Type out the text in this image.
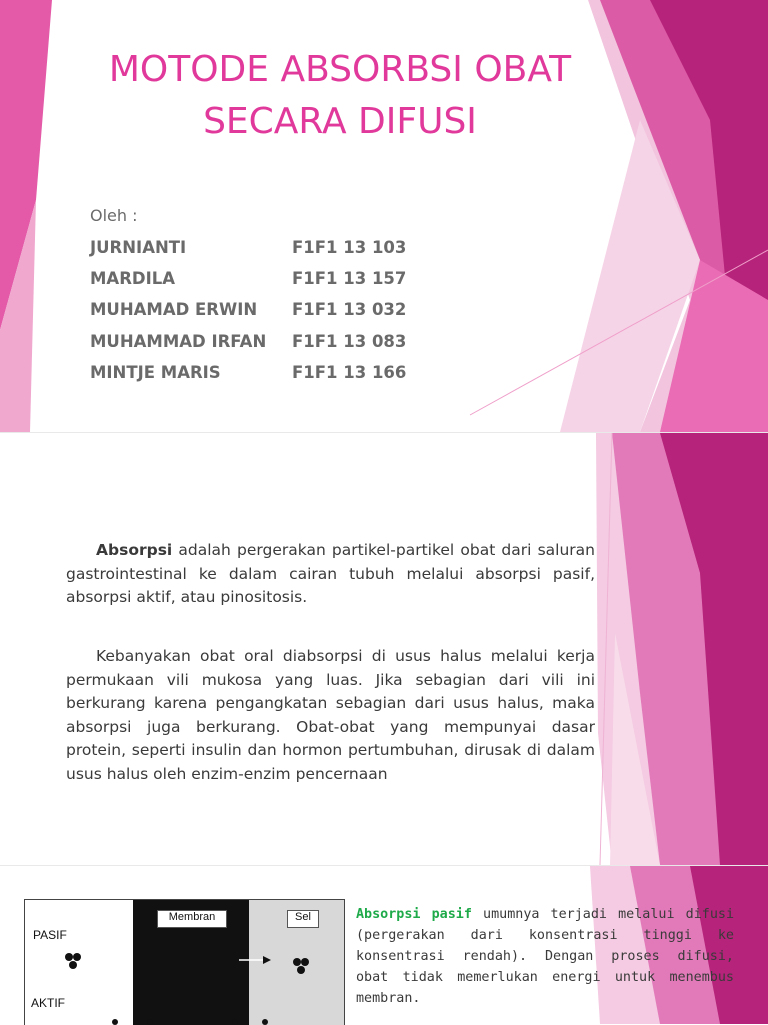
MOTODE ABSORBSI OBAT
SECARA DIFUSI
Oleh :
JURNIANTI	F1F1 13 103
MARDILA	F1F1 13 157
MUHAMAD ERWIN F1F1 13 032
MUHAMMAD IRFAN F1F1 13 083
MINTJE MARIS	F1F1 13 166
Absorpsi adalah pergerakan partikel-partikel obat dari saluran gastrointestinal ke dalam cairan tubuh melalui absorpsi pasif, absorpsi aktif, atau pinositosis.
Kebanyakan obat oral diabsorpsi di usus halus melalui kerja permukaan vili mukosa yang luas. Jika sebagian dari vili ini berkurang karena pengangkatan sebagian dari usus halus, maka absorpsi juga berkurang. Obat-obat yang mempunyai dasar protein, seperti insulin dan hormon pertumbuhan, dirusak di dalam usus halus oleh enzim-enzim pencernaan
PASIF
AKTIF
Membran	Sel	Absorpsi pasif umumnya terjadi melalui difusi (pergerakan dari konsentrasi tinggi ke konsentrasi rendah). Dengan proses difusi, obat tidak memerlukan energi untuk menembus membran.
